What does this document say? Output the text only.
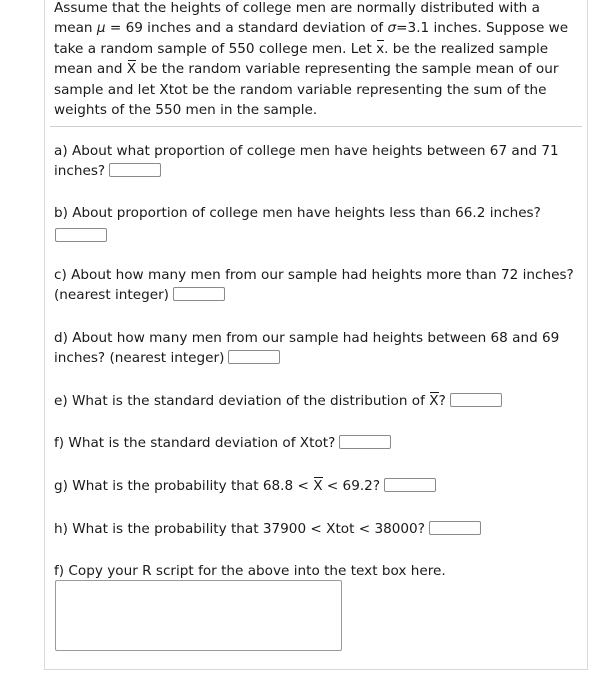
Assume that the heights of college men are normally distributed with a
mean μ = 69 inches and a standard deviation of σ=3.1 inches. Suppose we
take a random sample of 550 college men. Let x. be the realized sample
mean and X be the random variable representing the sample mean of our
sample and let Xtot be the random variable representing the sum of the
weights of the 550 men in the sample.

a) About what proportion of college men have heights between 67 and 71
inches?

b) About proportion of college men have heights less than 66.2 inches?

c) About how many men from our sample had heights more than 72 inches?
(nearest integer)

d) About how many men from our sample had heights between 68 and 69
inches? (nearest integer)

e) What is the standard deviation of the distribution of X?

f) What is the standard deviation of Xtot?

g) What is the probability that 68.8 < X < 69.2?

h) What is the probability that 37900 < Xtot < 38000?

f) Copy your R script for the above into the text box here.
